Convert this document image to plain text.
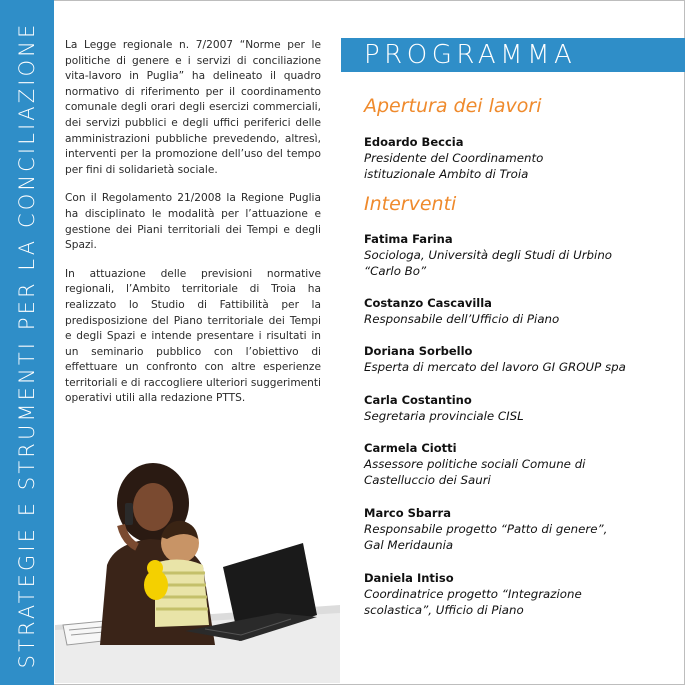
STRATEGIE E STRUMENTI PER LA CONCILIAZIONE La Legge regionale n. 7/2007 “Norme per le politiche di genere e i servizi di conciliazione vita-lavoro in Puglia” ha delineato il quadro normativo di riferimento per il coordinamento comunale degli orari degli esercizi commerciali, dei servizi pubblici e degli uffici periferici delle amministrazioni pubbliche prevedendo, altresì, interventi per la promozione dell’uso del tempo per fini di solidarietà sociale.

Con il Regolamento 21/2008 la Regione Puglia ha disciplinato le modalità per l’attuazione e gestione dei Piani territoriali dei Tempi e degli Spazi.

In attuazione delle previsioni normative regionali, l’Ambito territoriale di Troia ha realizzato lo Studio di Fattibilità per la predisposizione del Piano territoriale dei Tempi e degli Spazi e intende presentare i risultati in un seminario pubblico con l’obiettivo di effettuare un confronto con altre esperienze territoriali e di raccogliere ulteriori suggerimenti operativi utili alla redazione PTTS.

PROGRAMMA
Apertura dei lavori
Edoardo Beccia
Presidente del Coordinamento istituzionale Ambito di Troia
Interventi
Fatima Farina
Sociologa, Università degli Studi di Urbino “Carlo Bo”
Costanzo Cascavilla
Responsabile dell’Ufficio di Piano
Doriana Sorbello
Esperta di mercato del lavoro GI GROUP spa
Carla Costantino
Segretaria provinciale CISL
Carmela Ciotti
Assessore politiche sociali Comune di Castelluccio dei Sauri
Marco Sbarra
Responsabile progetto “Patto di genere”, Gal Meridaunia
Daniela Intiso
Coordinatrice progetto “Integrazione scolastica”, Ufficio di Piano
